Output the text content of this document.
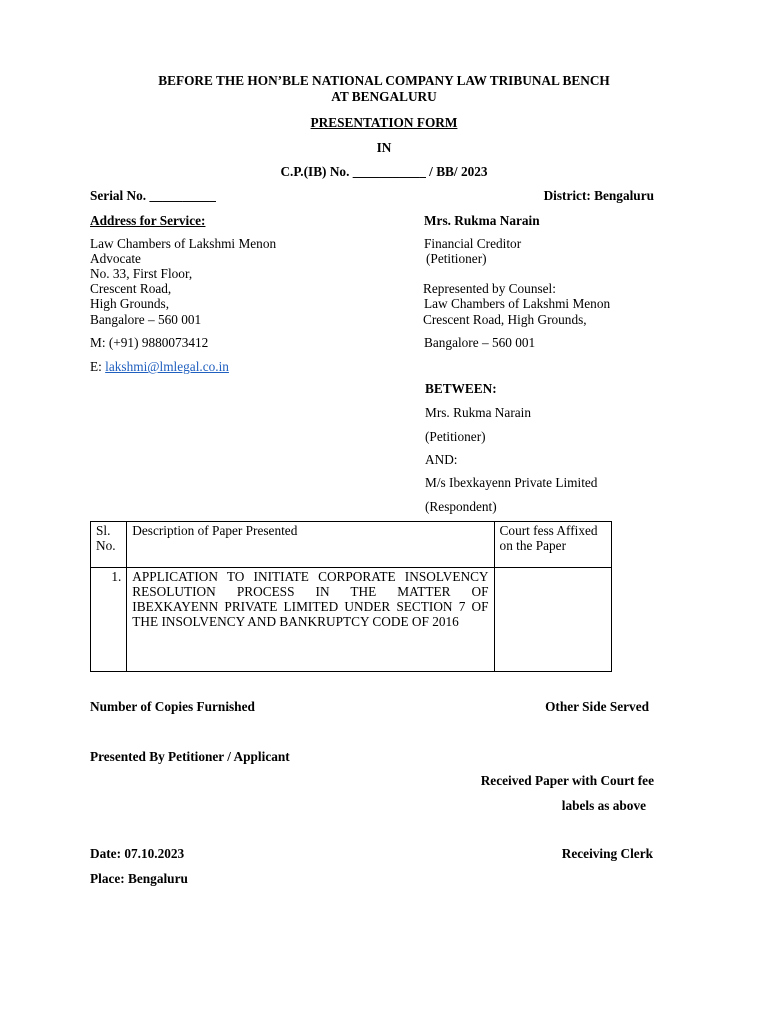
BEFORE THE HON’BLE NATIONAL COMPANY LAW TRIBUNAL BENCH
AT BENGALURU
PRESENTATION FORM
IN
C.P.(IB) No. ___________ / BB/ 2023
Serial No. __________	District: Bengaluru
Address for Service:
Law Chambers of Lakshmi Menon
Advocate
No. 33, First Floor,
Crescent Road,
High Grounds,
Bangalore – 560 001
M: (+91) 9880073412
E: lakshmi@lmlegal.co.in
Mrs. Rukma Narain
Financial Creditor
(Petitioner)
Represented by Counsel:
Law Chambers of Lakshmi Menon
Crescent Road, High Grounds,
Bangalore – 560 001
BETWEEN:
Mrs. Rukma Narain
(Petitioner)
AND:
M/s Ibexkayenn Private Limited
(Respondent)
Sl. No.	Description of Paper Presented	Court fess Affixed on the Paper
1.	APPLICATION TO INITIATE CORPORATE INSOLVENCY RESOLUTION PROCESS IN THE MATTER OF IBEXKAYENN PRIVATE LIMITED UNDER SECTION 7 OF THE INSOLVENCY AND BANKRUPTCY CODE OF 2016	
Number of Copies Furnished	Other Side Served
Presented By Petitioner / Applicant
Received Paper with Court fee
labels as above
Date: 07.10.2023	Receiving Clerk
Place: Bengaluru
